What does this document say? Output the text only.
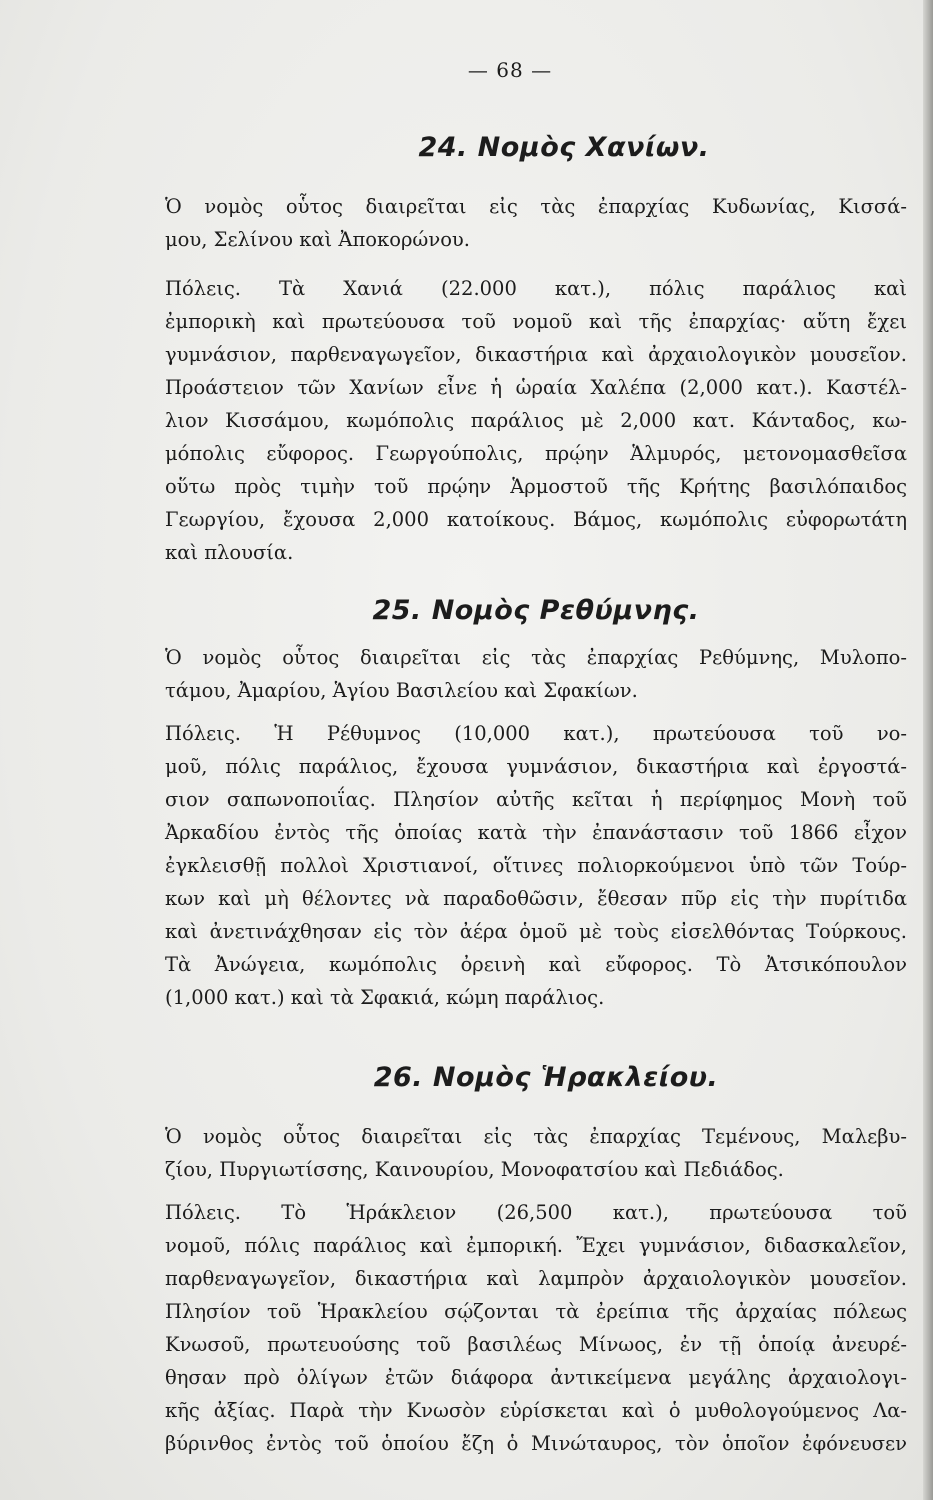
— 68 —
24. Νομὸς Χανίων.

Ὁ νομὸς οὗτος διαιρεῖται εἰς τὰς ἐπαρχίας Κυδωνίας, Κισσά-

μου, Σελίνου καὶ Ἀποκορώνου.

Πόλεις. Τὰ Χανιά (22.000 κατ.), πόλις παράλιος καὶ

ἐμπορικὴ καὶ πρωτεύουσα τοῦ νομοῦ καὶ τῆς ἐπαρχίας· αὕτη ἔχει

γυμνάσιον, παρθεναγωγεῖον, δικαστήρια καὶ ἀρχαιολογικὸν μουσεῖον.

Προάστειον τῶν Χανίων εἶνε ἡ ὡραία Χαλέπα (2,000 κατ.). Καστέλ-

λιον Κισσάμου, κωμόπολις παράλιος μὲ 2,000 κατ. Κάνταδος, κω-

μόπολις εὔφορος. Γεωργούπολις, πρῴην Ἁλμυρός, μετονομασθεῖσα

οὕτω πρὸς τιμὴν τοῦ πρῴην Ἁρμοστοῦ τῆς Κρήτης βασιλόπαιδος

Γεωργίου, ἔχουσα 2,000 κατοίκους. Βάμος, κωμόπολις εὐφορωτάτη

καὶ πλουσία.

25. Νομὸς Ρεθύμνης.

Ὁ νομὸς οὗτος διαιρεῖται εἰς τὰς ἐπαρχίας Ρεθύμνης, Μυλοπο-

τάμου, Ἀμαρίου, Ἁγίου Βασιλείου καὶ Σφακίων.

Πόλεις. Ἡ Ρέθυμνος (10,000 κατ.), πρωτεύουσα τοῦ νο-

μοῦ, πόλις παράλιος, ἔχουσα γυμνάσιον, δικαστήρια καὶ ἐργοστά-

σιον σαπωνοποιΐας. Πλησίον αὐτῆς κεῖται ἡ περίφημος Μονὴ τοῦ

Ἀρκαδίου ἐντὸς τῆς ὁποίας κατὰ τὴν ἐπανάστασιν τοῦ 1866 εἶχον

ἐγκλεισθῇ πολλοὶ Χριστιανοί, οἵτινες πολιορκούμενοι ὑπὸ τῶν Τούρ-

κων καὶ μὴ θέλοντες νὰ παραδοθῶσιν, ἔθεσαν πῦρ εἰς τὴν πυρίτιδα

καὶ ἀνετινάχθησαν εἰς τὸν ἀέρα ὁμοῦ μὲ τοὺς εἰσελθόντας Τούρκους.

Τὰ Ἀνώγεια, κωμόπολις ὀρεινὴ καὶ εὔφορος. Τὸ Ἀτσικόπουλον

(1,000 κατ.) καὶ τὰ Σφακιά, κώμη παράλιος.

26. Νομὸς Ἡρακλείου.

Ὁ νομὸς οὗτος διαιρεῖται εἰς τὰς ἐπαρχίας Τεμένους, Μαλεβυ-

ζίου, Πυργιωτίσσης, Καινουρίου, Μονοφατσίου καὶ Πεδιάδος.

Πόλεις. Τὸ Ἡράκλειον (26,500 κατ.), πρωτεύουσα τοῦ

νομοῦ, πόλις παράλιος καὶ ἐμπορική. Ἔχει γυμνάσιον, διδασκαλεῖον,

παρθεναγωγεῖον, δικαστήρια καὶ λαμπρὸν ἀρχαιολογικὸν μουσεῖον.

Πλησίον τοῦ Ἡρακλείου σῴζονται τὰ ἐρείπια τῆς ἀρχαίας πόλεως

Κνωσοῦ, πρωτευούσης τοῦ βασιλέως Μίνωος, ἐν τῇ ὁποίᾳ ἀνευρέ-

θησαν πρὸ ὀλίγων ἐτῶν διάφορα ἀντικείμενα μεγάλης ἀρχαιολογι-

κῆς ἀξίας. Παρὰ τὴν Κνωσὸν εὑρίσκεται καὶ ὁ μυθολογούμενος Λα-

βύρινθος ἐντὸς τοῦ ὁποίου ἔζη ὁ Μινώταυρος, τὸν ὁποῖον ἐφόνευσεν
